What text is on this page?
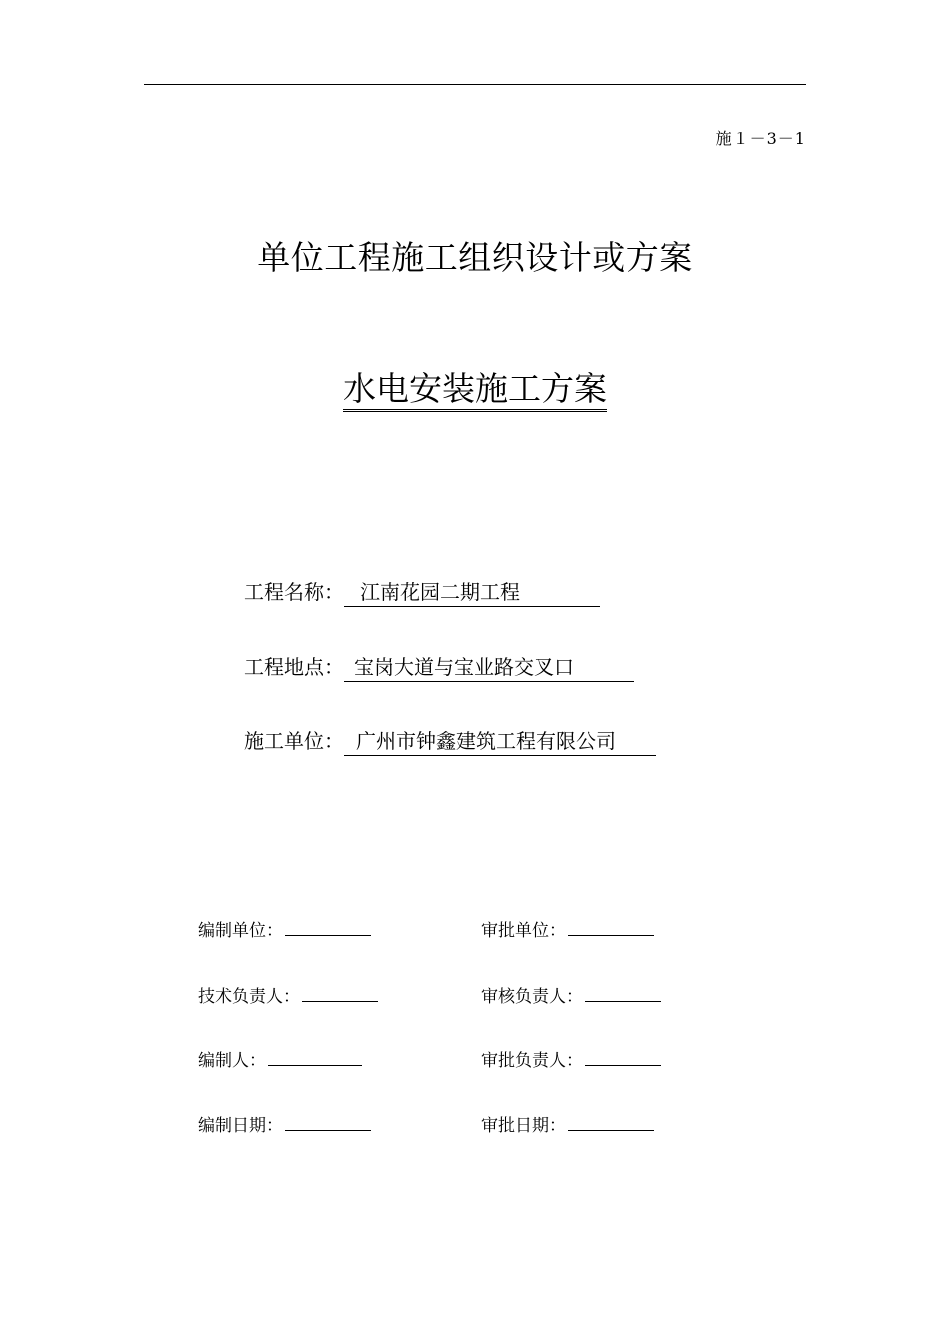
施１－3－1
单位工程施工组织设计或方案
水电安装施工方案
工程名称： 江南花园二期工程
工程地点： 宝岗大道与宝业路交叉口
施工单位： 广州市钟鑫建筑工程有限公司
编制单位：
技术负责人：
编制人：
编制日期：
审批单位：
审核负责人：
审批负责人：
审批日期：
